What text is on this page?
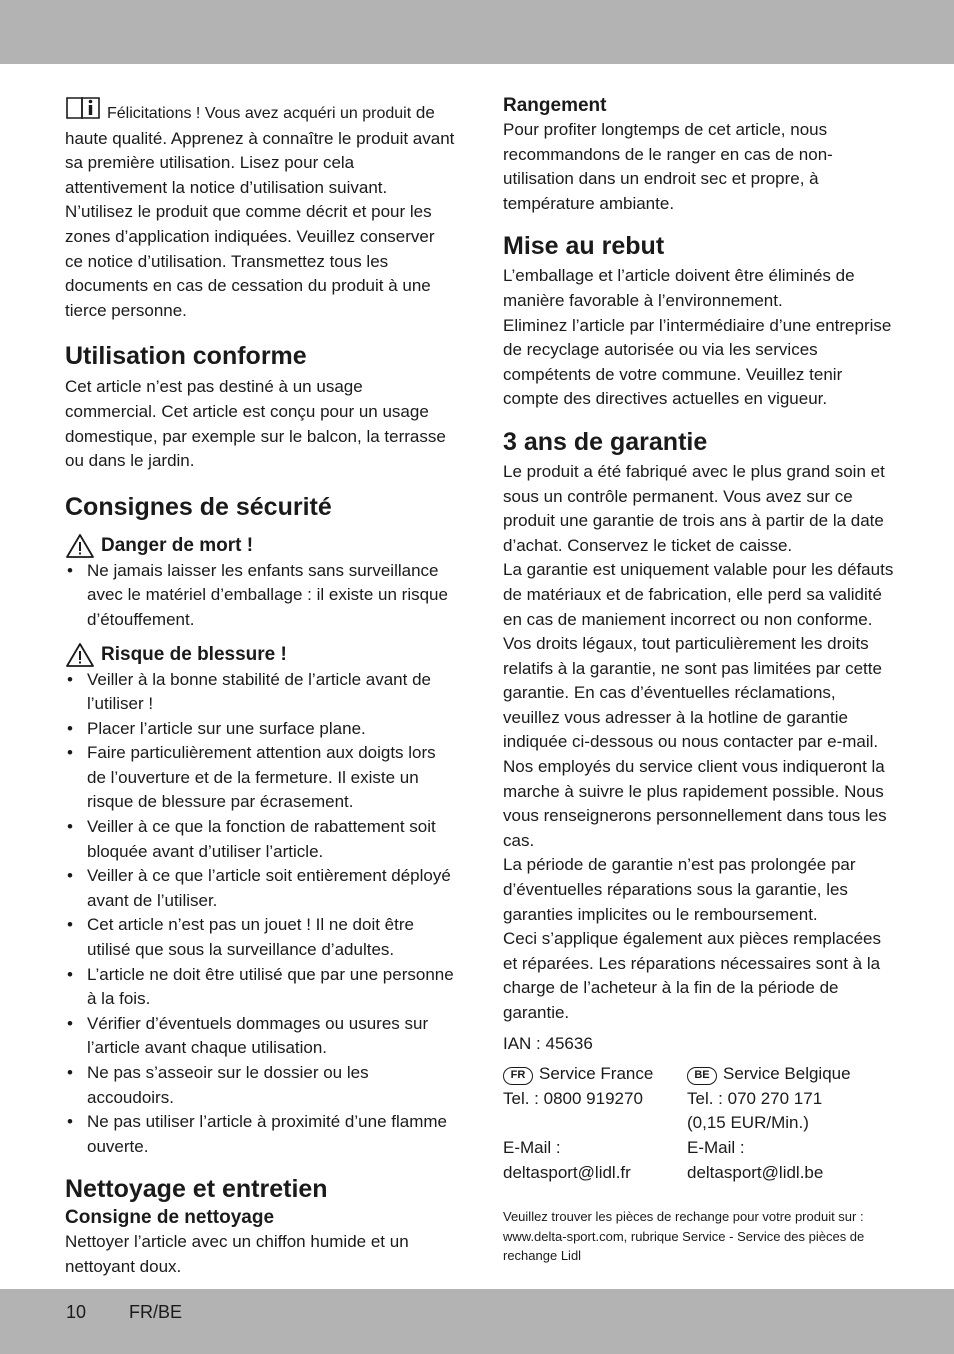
Félicitations ! Vous avez acquéri un produit de haute qualité. Apprenez à connaître le produit avant sa première utilisation. Lisez pour cela attentivement la notice d’utilisation suivant. N’utilisez le produit que comme décrit et pour les zones d’application indiquées. Veuillez conserver ce notice d’utilisation. Transmettez tous les documents en cas de cessation du produit à une tierce personne.

Utilisation conforme

Cet article n’est pas destiné à un usage commercial. Cet article est conçu pour un usage domestique, par exemple sur le balcon, la terrasse ou dans le jardin.

Consignes de sécurité
Danger de mort !
• Ne jamais laisser les enfants sans surveillance avec le matériel d’emballage : il existe un risque d’étouffement.
Risque de blessure !
• Veiller à la bonne stabilité de l’article avant de l’utiliser !
• Placer l’article sur une surface plane.
• Faire particulièrement attention aux doigts lors de l’ouverture et de la fermeture. Il existe un risque de blessure par écrasement.
• Veiller à ce que la fonction de rabattement soit bloquée avant d’utiliser l’article.
• Veiller à ce que l’article soit entièrement déployé avant de l’utiliser.
• Cet article n’est pas un jouet ! Il ne doit être utilisé que sous la surveillance d’adultes.
• L’article ne doit être utilisé que par une personne à la fois.
• Vérifier d’éventuels dommages ou usures sur l’article avant chaque utilisation.
• Ne pas s’asseoir sur le dossier ou les accoudoirs.
• Ne pas utiliser l’article à proximité d’une flamme ouverte.
Nettoyage et entretien

Consigne de nettoyage

Nettoyer l’article avec un chiffon humide et un nettoyant doux.

Rangement

Pour profiter longtemps de cet article, nous recommandons de le ranger en cas de non-utilisation dans un endroit sec et propre, à température ambiante.

Mise au rebut

L’emballage et l’article doivent être éliminés de manière favorable à l’environnement.

Eliminez l’article par l’intermédiaire d’une entreprise de recyclage autorisée ou via les services compétents de votre commune. Veuillez tenir compte des directives actuelles en vigueur.

3 ans de garantie

Le produit a été fabriqué avec le plus grand soin et sous un contrôle permanent. Vous avez sur ce produit une garantie de trois ans à partir de la date d’achat. Conservez le ticket de caisse.

La garantie est uniquement valable pour les défauts de matériaux et de fabrication, elle perd sa validité en cas de maniement incorrect ou non conforme. Vos droits légaux, tout particulièrement les droits relatifs à la garantie, ne sont pas limitées par cette garantie. En cas d’éventuelles réclamations, veuillez vous adresser à la hotline de garantie indiquée ci-dessous ou nous contacter par e-mail. Nos employés du service client vous indiqueront la marche à suivre le plus rapidement possible. Nous vous renseignerons personnellement dans tous les cas.

La période de garantie n’est pas prolongée par d’éventuelles réparations sous la garantie, les garanties implicites ou le remboursement.

Ceci s’applique également aux pièces remplacées et réparées. Les réparations nécessaires sont à la charge de l’acheteur à la fin de la période de garantie.

IAN : 45636

FR Service France
Tel. : 0800 919270

E-Mail :
deltasport@lidl.fr
BE Service Belgique
Tel. : 070 270 171
(0,15 EUR/Min.)
E-Mail :
deltasport@lidl.be

Veuillez trouver les pièces de rechange pour votre produit sur : www.delta-sport.com, rubrique Service - Service des pièces de rechange Lidl

10 FR/BE
